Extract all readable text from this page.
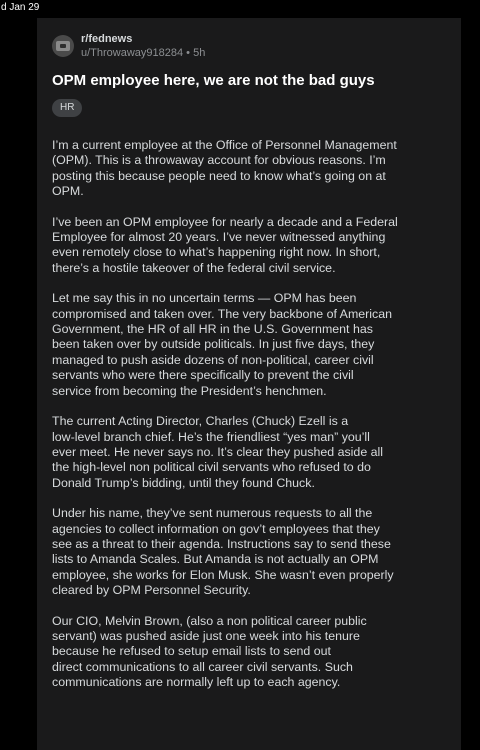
d Jan 29
r/fednews
u/Throwaway918284 • 5h
OPM employee here, we are not the bad guys
HR
I’m a current employee at the Office of Personnel Management
(OPM). This is a throwaway account for obvious reasons. I’m
posting this because people need to know what’s going on at
OPM.
I’ve been an OPM employee for nearly a decade and a Federal
Employee for almost 20 years. I’ve never witnessed anything
even remotely close to what’s happening right now. In short,
there’s a hostile takeover of the federal civil service.
Let me say this in no uncertain terms — OPM has been
compromised and taken over. The very backbone of American
Government, the HR of all HR in the U.S. Government has
been taken over by outside politicals. In just five days, they
managed to push aside dozens of non-political, career civil
servants who were there specifically to prevent the civil
service from becoming the President’s henchmen.
The current Acting Director, Charles (Chuck) Ezell is a
low-level branch chief. He’s the friendliest “yes man” you’ll
ever meet. He never says no. It’s clear they pushed aside all
the high-level non political civil servants who refused to do
Donald Trump’s bidding, until they found Chuck.
Under his name, they’ve sent numerous requests to all the
agencies to collect information on gov’t employees that they
see as a threat to their agenda. Instructions say to send these
lists to Amanda Scales. But Amanda is not actually an OPM
employee, she works for Elon Musk. She wasn’t even properly
cleared by OPM Personnel Security.
Our CIO, Melvin Brown, (also a non political career public
servant) was pushed aside just one week into his tenure
because he refused to setup email lists to send out
direct communications to all career civil servants. Such
communications are normally left up to each agency.
